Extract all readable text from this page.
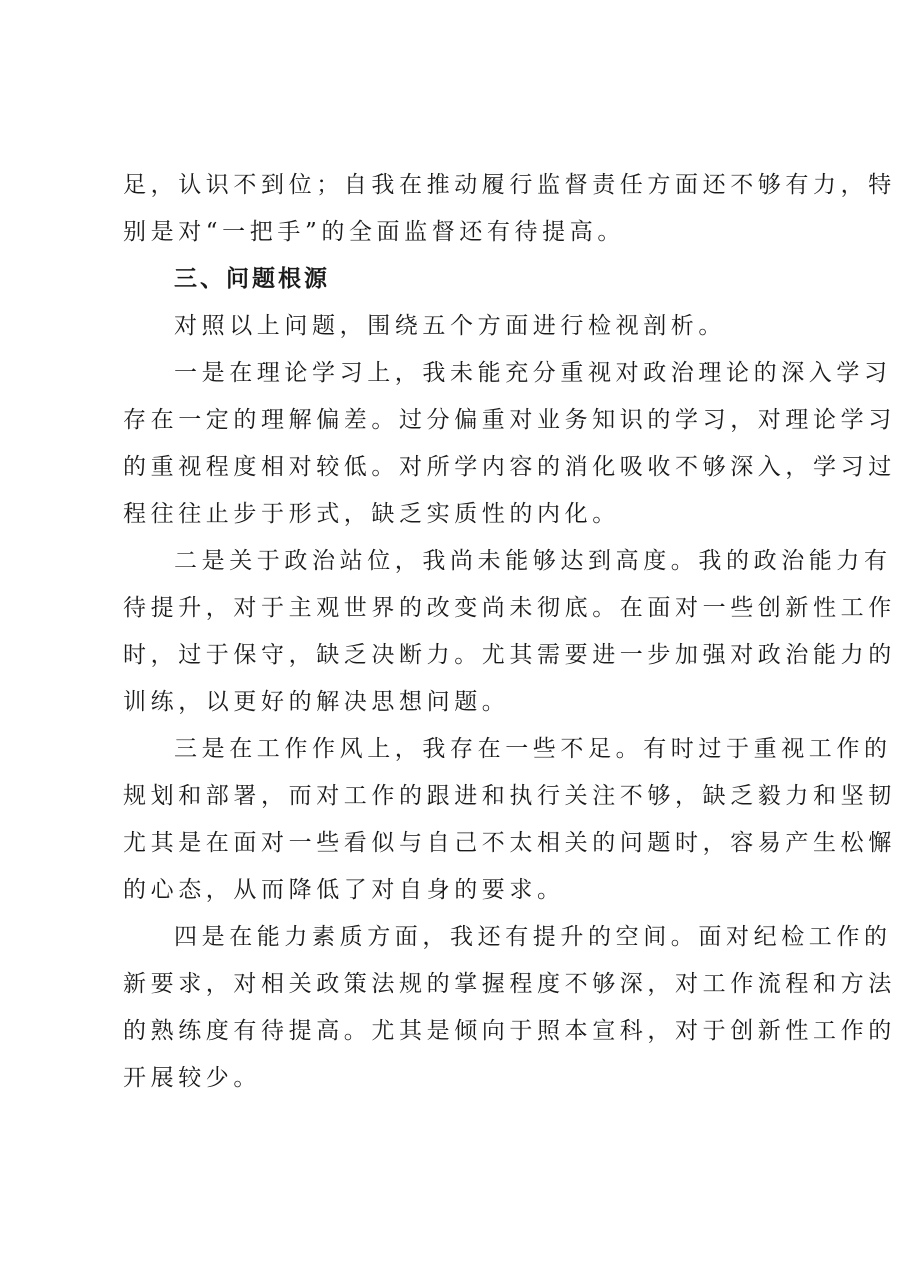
足，认识不到位；自我在推动履行监督责任方面还不够有力，特
别是对“一把手”的全面监督还有待提高。
三、问题根源
对照以上问题，围绕五个方面进行检视剖析。
一是在理论学习上，我未能充分重视对政治理论的深入学习
存在一定的理解偏差。过分偏重对业务知识的学习，对理论学习
的重视程度相对较低。对所学内容的消化吸收不够深入，学习过
程往往止步于形式，缺乏实质性的内化。
二是关于政治站位，我尚未能够达到高度。我的政治能力有
待提升，对于主观世界的改变尚未彻底。在面对一些创新性工作
时，过于保守，缺乏决断力。尤其需要进一步加强对政治能力的
训练，以更好的解决思想问题。
三是在工作作风上，我存在一些不足。有时过于重视工作的
规划和部署，而对工作的跟进和执行关注不够，缺乏毅力和坚韧
尤其是在面对一些看似与自己不太相关的问题时，容易产生松懈
的心态，从而降低了对自身的要求。
四是在能力素质方面，我还有提升的空间。面对纪检工作的
新要求，对相关政策法规的掌握程度不够深，对工作流程和方法
的熟练度有待提高。尤其是倾向于照本宣科，对于创新性工作的
开展较少。
